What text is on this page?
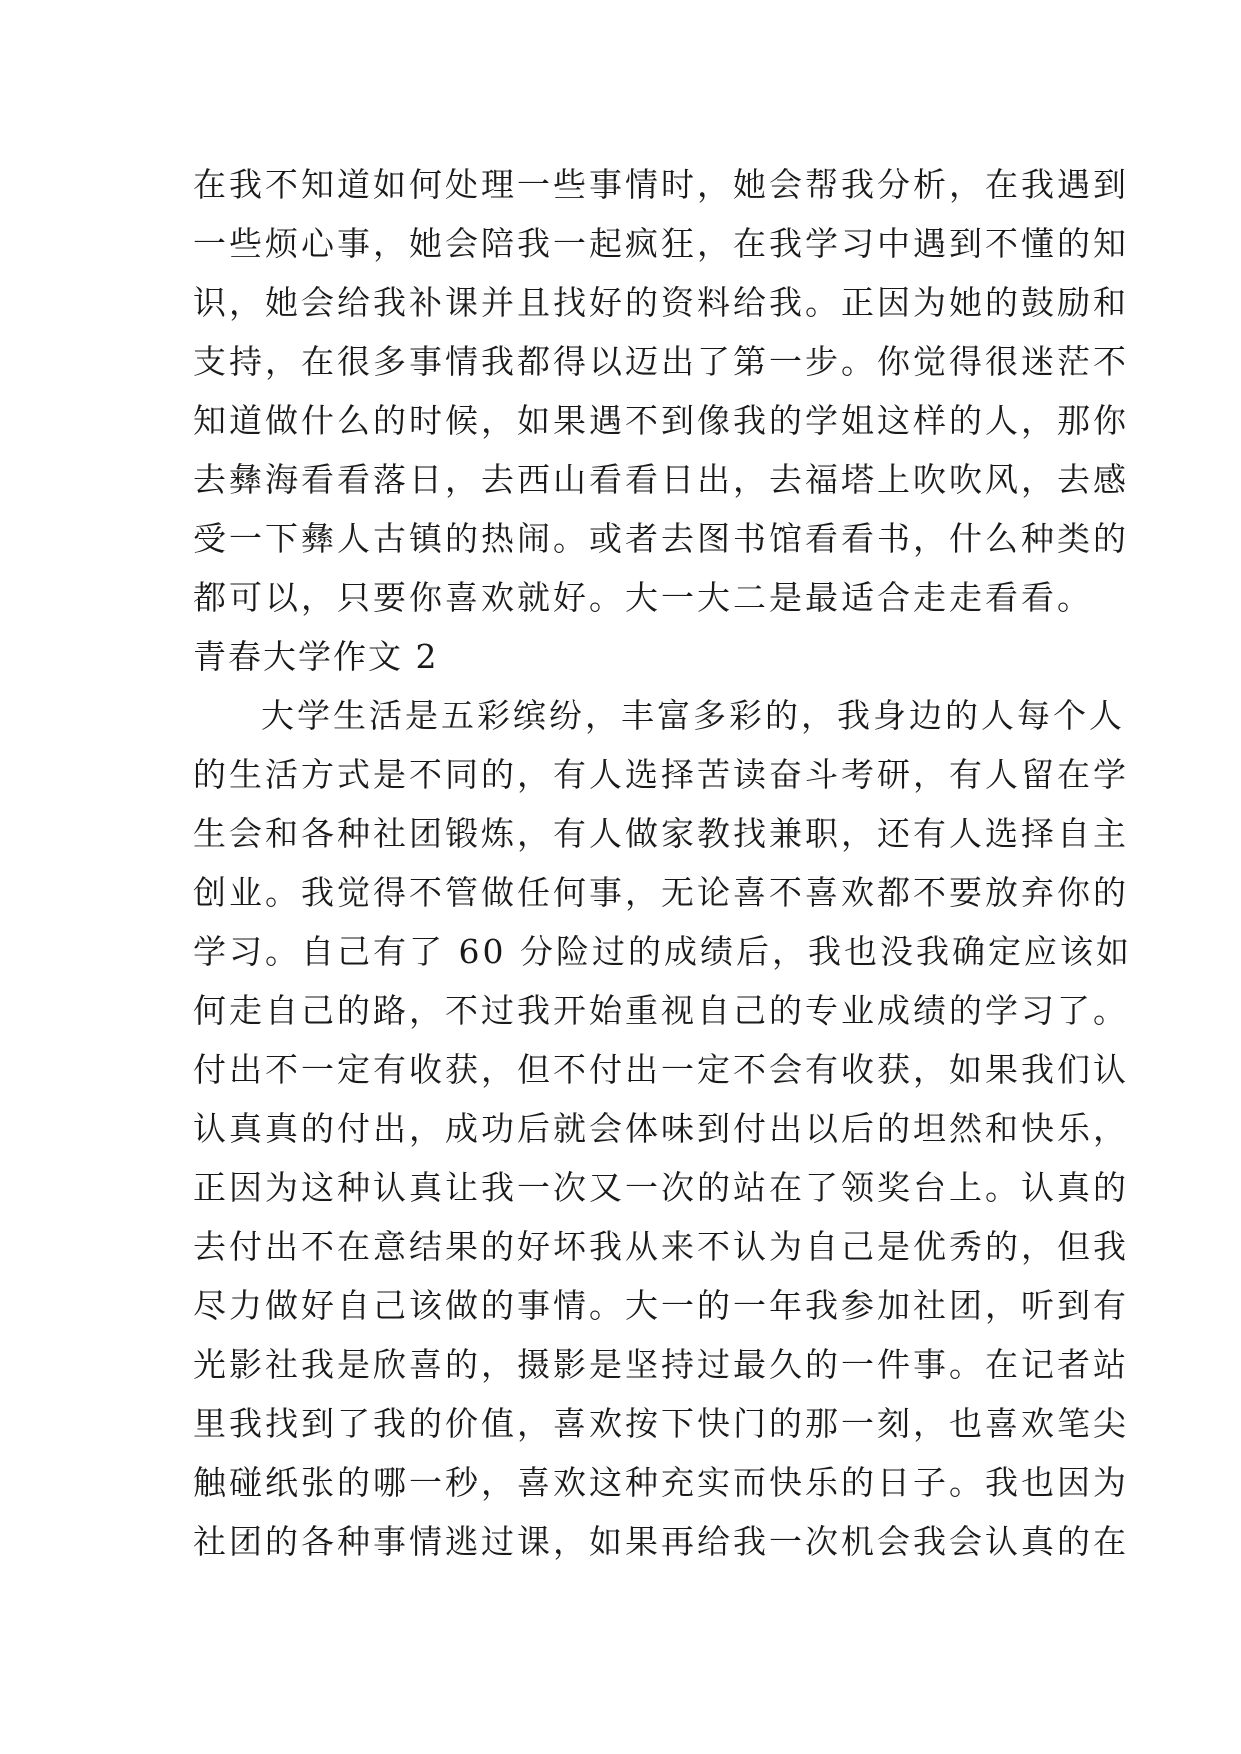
在我不知道如何处理一些事情时，她会帮我分析，在我遇到
一些烦心事，她会陪我一起疯狂，在我学习中遇到不懂的知
识，她会给我补课并且找好的资料给我。正因为她的鼓励和
支持，在很多事情我都得以迈出了第一步。你觉得很迷茫不
知道做什么的时候，如果遇不到像我的学姐这样的人，那你
去彝海看看落日，去西山看看日出，去福塔上吹吹风，去感
受一下彝人古镇的热闹。或者去图书馆看看书，什么种类的
都可以，只要你喜欢就好。大一大二是最适合走走看看。
青春大学作文 2
大学生活是五彩缤纷，丰富多彩的，我身边的人每个人
的生活方式是不同的，有人选择苦读奋斗考研，有人留在学
生会和各种社团锻炼，有人做家教找兼职，还有人选择自主
创业。我觉得不管做任何事，无论喜不喜欢都不要放弃你的
学习。自己有了 60 分险过的成绩后，我也没我确定应该如
何走自己的路，不过我开始重视自己的专业成绩的学习了。
付出不一定有收获，但不付出一定不会有收获，如果我们认
认真真的付出，成功后就会体味到付出以后的坦然和快乐，
正因为这种认真让我一次又一次的站在了领奖台上。认真的
去付出不在意结果的好坏我从来不认为自己是优秀的，但我
尽力做好自己该做的事情。大一的一年我参加社团，听到有
光影社我是欣喜的，摄影是坚持过最久的一件事。在记者站
里我找到了我的价值，喜欢按下快门的那一刻，也喜欢笔尖
触碰纸张的哪一秒，喜欢这种充实而快乐的日子。我也因为
社团的各种事情逃过课，如果再给我一次机会我会认真的在
